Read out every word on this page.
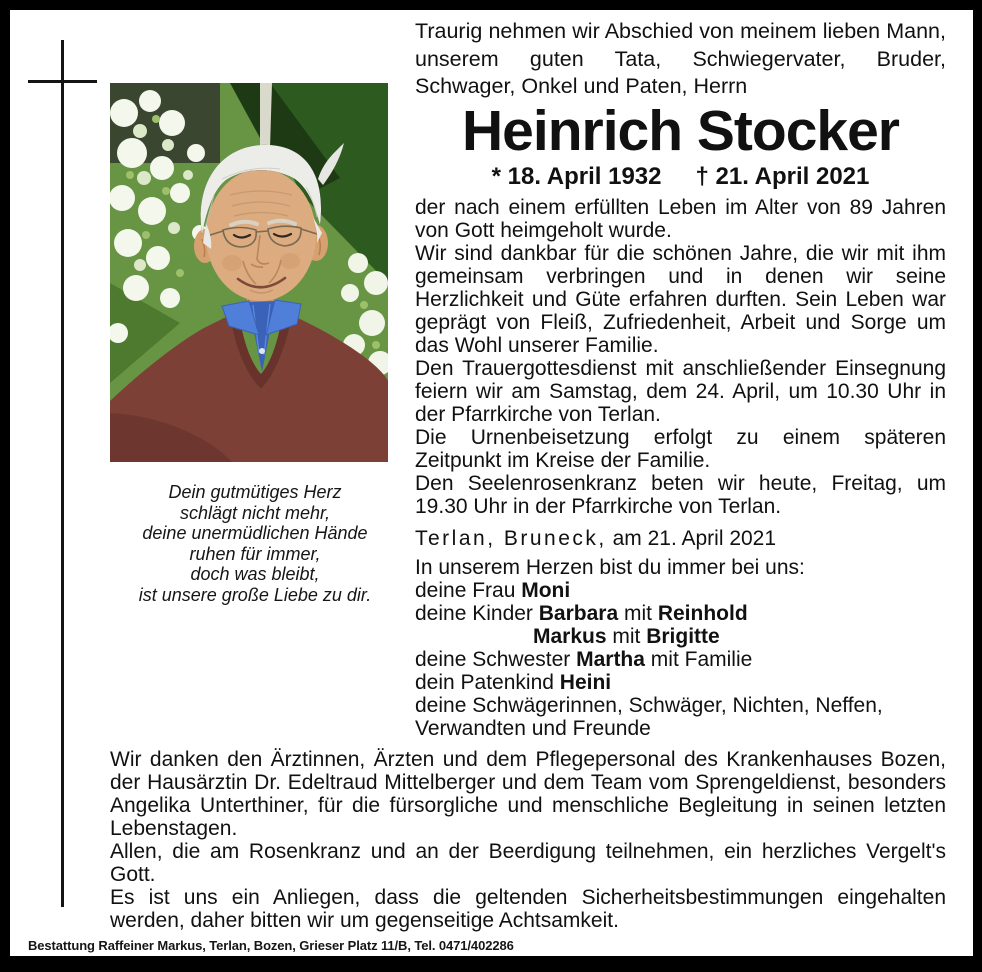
Dein gutmütiges Herz
schlägt nicht mehr,
deine unermüdlichen Hände
ruhen für immer,
doch was bleibt,
ist unsere große Liebe zu dir.
Traurig nehmen wir Abschied von meinem lieben Mann, unserem guten Tata, Schwiegervater, Bruder, Schwager, Onkel und Paten, Herrn
Heinrich Stocker
* 18. April 1932 † 21. April 2021

der nach einem erfüllten Leben im Alter von 89 Jahren von Gott heimgeholt wurde.

Wir sind dankbar für die schönen Jahre, die wir mit ihm gemeinsam verbringen und in denen wir seine Herzlichkeit und Güte erfahren durften. Sein Leben war geprägt von Fleiß, Zufriedenheit, Arbeit und Sorge um das Wohl unserer Familie.

Den Trauergottesdienst mit anschließender Einsegnung feiern wir am Samstag, dem 24. April, um 10.30 Uhr in der Pfarrkirche von Terlan.

Die Urnenbeisetzung erfolgt zu einem späteren Zeitpunkt im Kreise der Familie.

Den Seelenrosenkranz beten wir heute, Freitag, um 19.30 Uhr in der Pfarrkirche von Terlan.

Terlan, Bruneck, am 21. April 2021
In unserem Herzen bist du immer bei uns:
deine Frau Moni
deine Kinder Barbara mit Reinhold
Markus mit Brigitte
deine Schwester Martha mit Familie
dein Patenkind Heini
deine Schwägerinnen, Schwäger, Nichten, Neffen, Verwandten und Freunde

Wir danken den Ärztinnen, Ärzten und dem Pflegepersonal des Krankenhauses Bozen, der Hausärztin Dr. Edeltraud Mittelberger und dem Team vom Sprengeldienst, besonders Angelika Unterthiner, für die fürsorgliche und menschliche Begleitung in seinen letzten Lebenstagen.

Allen, die am Rosenkranz und an der Beerdigung teilnehmen, ein herzliches Vergelt's Gott.

Es ist uns ein Anliegen, dass die geltenden Sicherheitsbestimmungen eingehalten werden, daher bitten wir um gegenseitige Achtsamkeit.

Bestattung Raffeiner Markus, Terlan, Bozen, Grieser Platz 11/B, Tel. 0471/402286
